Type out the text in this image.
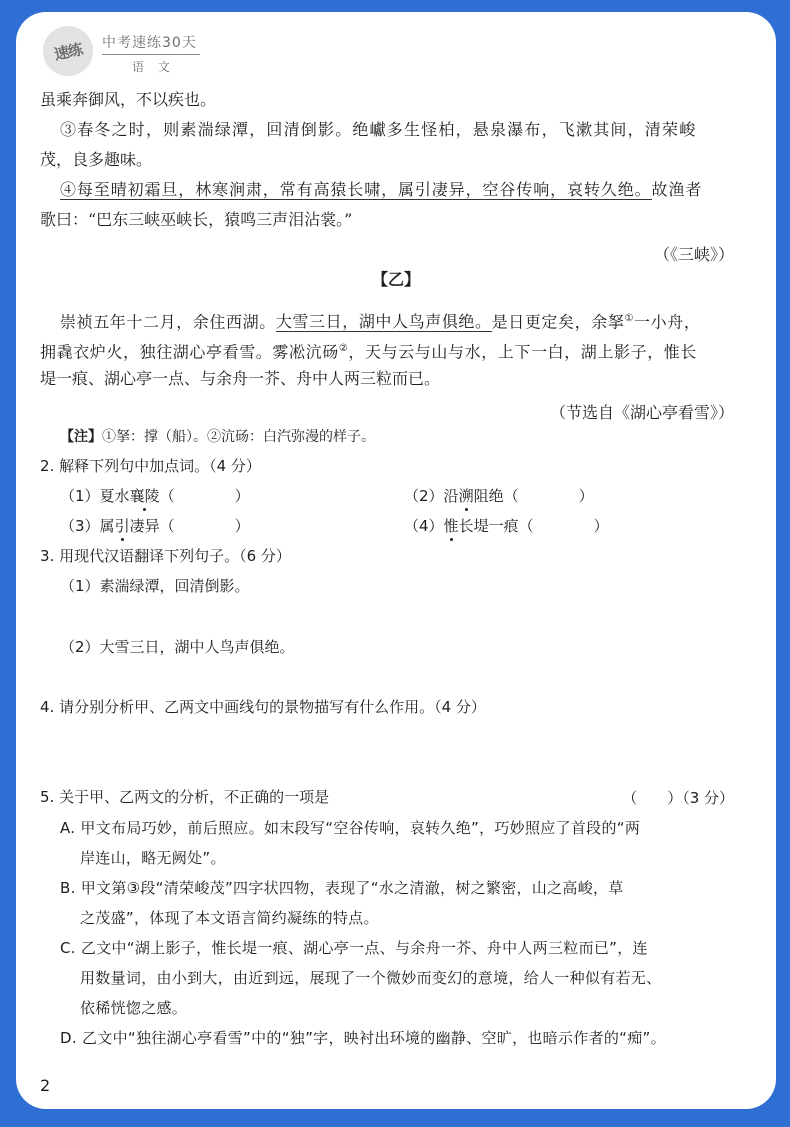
速练	中考速练30天
语 文
虽乘奔御风，不以疾也。
③春冬之时，则素湍绿潭，回清倒影。绝巘多生怪柏，悬泉瀑布，飞漱其间，清荣峻
茂，良多趣味。
④每至晴初霜旦，林寒涧肃，常有高猿长啸，属引凄异，空谷传响，哀转久绝。故渔者
歌曰：“巴东三峡巫峡长，猿鸣三声泪沾裳。”
（《三峡》）
【乙】
崇祯五年十二月，余住西湖。大雪三日，湖中人鸟声俱绝。是日更定矣，余拏①一小舟，
拥毳衣炉火，独往湖心亭看雪。雾凇沆砀②，天与云与山与水，上下一白，湖上影子，惟长
堤一痕、湖心亭一点、与余舟一芥、舟中人两三粒而已。
（节选自《湖心亭看雪》）
【注】①拏：撑（船）。②沆砀：白汽弥漫的样子。
2. 解释下列句中加点词。（4 分）
（1）夏水襄陵（　　　　）	（2）沿溯阻绝（　　　　）
（3）属引凄异（　　　　）	（4）惟长堤一痕（　　　　）
3. 用现代汉语翻译下列句子。（6 分）
（1）素湍绿潭，回清倒影。
（2）大雪三日，湖中人鸟声俱绝。
4. 请分别分析甲、乙两文中画线句的景物描写有什么作用。（4 分）
5. 关于甲、乙两文的分析，不正确的一项是	（　　）（3 分）
A. 甲文布局巧妙，前后照应。如末段写“空谷传响，哀转久绝”，巧妙照应了首段的“两
岸连山，略无阙处”。
B. 甲文第③段“清荣峻茂”四字状四物，表现了“水之清澈，树之繁密，山之高峻，草
之茂盛”，体现了本文语言简约凝练的特点。
C. 乙文中“湖上影子，惟长堤一痕、湖心亭一点、与余舟一芥、舟中人两三粒而已”，连
用数量词，由小到大，由近到远，展现了一个微妙而变幻的意境，给人一种似有若无、
依稀恍惚之感。
D. 乙文中“独往湖心亭看雪”中的“独”字，映衬出环境的幽静、空旷，也暗示作者的“痴”。
2
